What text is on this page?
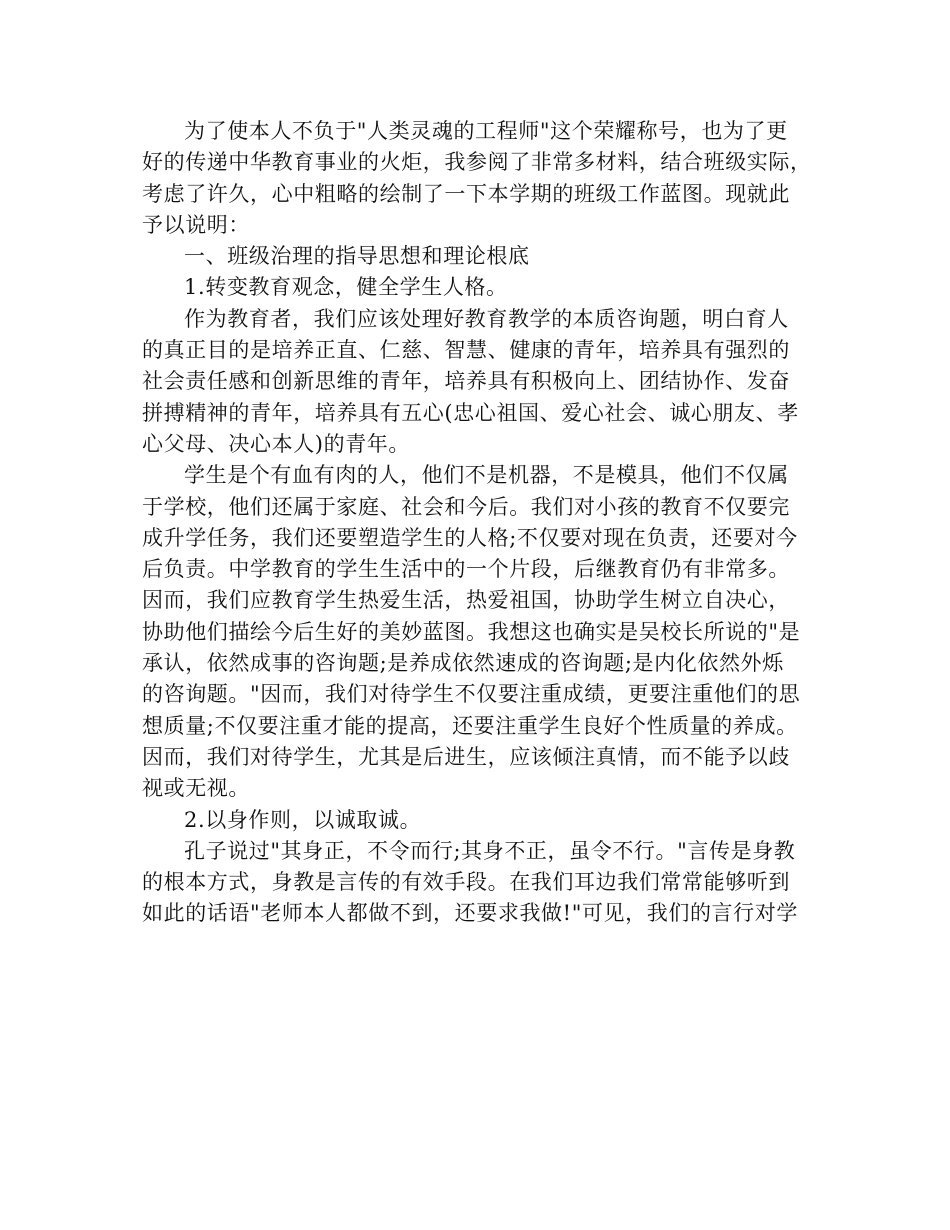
为了使本人不负于"人类灵魂的工程师"这个荣耀称号，也为了更
好的传递中华教育事业的火炬，我参阅了非常多材料，结合班级实际，
考虑了许久，心中粗略的绘制了一下本学期的班级工作蓝图。现就此
予以说明：
一、班级治理的指导思想和理论根底
1.转变教育观念，健全学生人格。
作为教育者，我们应该处理好教育教学的本质咨询题，明白育人
的真正目的是培养正直、仁慈、智慧、健康的青年，培养具有强烈的
社会责任感和创新思维的青年，培养具有积极向上、团结协作、发奋
拼搏精神的青年，培养具有五心(忠心祖国、爱心社会、诚心朋友、孝
心父母、决心本人)的青年。
学生是个有血有肉的人，他们不是机器，不是模具，他们不仅属
于学校，他们还属于家庭、社会和今后。我们对小孩的教育不仅要完
成升学任务，我们还要塑造学生的人格;不仅要对现在负责，还要对今
后负责。中学教育的学生生活中的一个片段，后继教育仍有非常多。
因而，我们应教育学生热爱生活，热爱祖国，协助学生树立自决心，
协助他们描绘今后生好的美妙蓝图。我想这也确实是吴校长所说的"是
承认，依然成事的咨询题;是养成依然速成的咨询题;是内化依然外烁
的咨询题。"因而，我们对待学生不仅要注重成绩，更要注重他们的思
想质量;不仅要注重才能的提高，还要注重学生良好个性质量的养成。
因而，我们对待学生，尤其是后进生，应该倾注真情，而不能予以歧
视或无视。
2.以身作则，以诚取诚。
孔子说过"其身正，不令而行;其身不正，虽令不行。"言传是身教
的根本方式，身教是言传的有效手段。在我们耳边我们常常能够听到
如此的话语"老师本人都做不到，还要求我做!"可见，我们的言行对学
